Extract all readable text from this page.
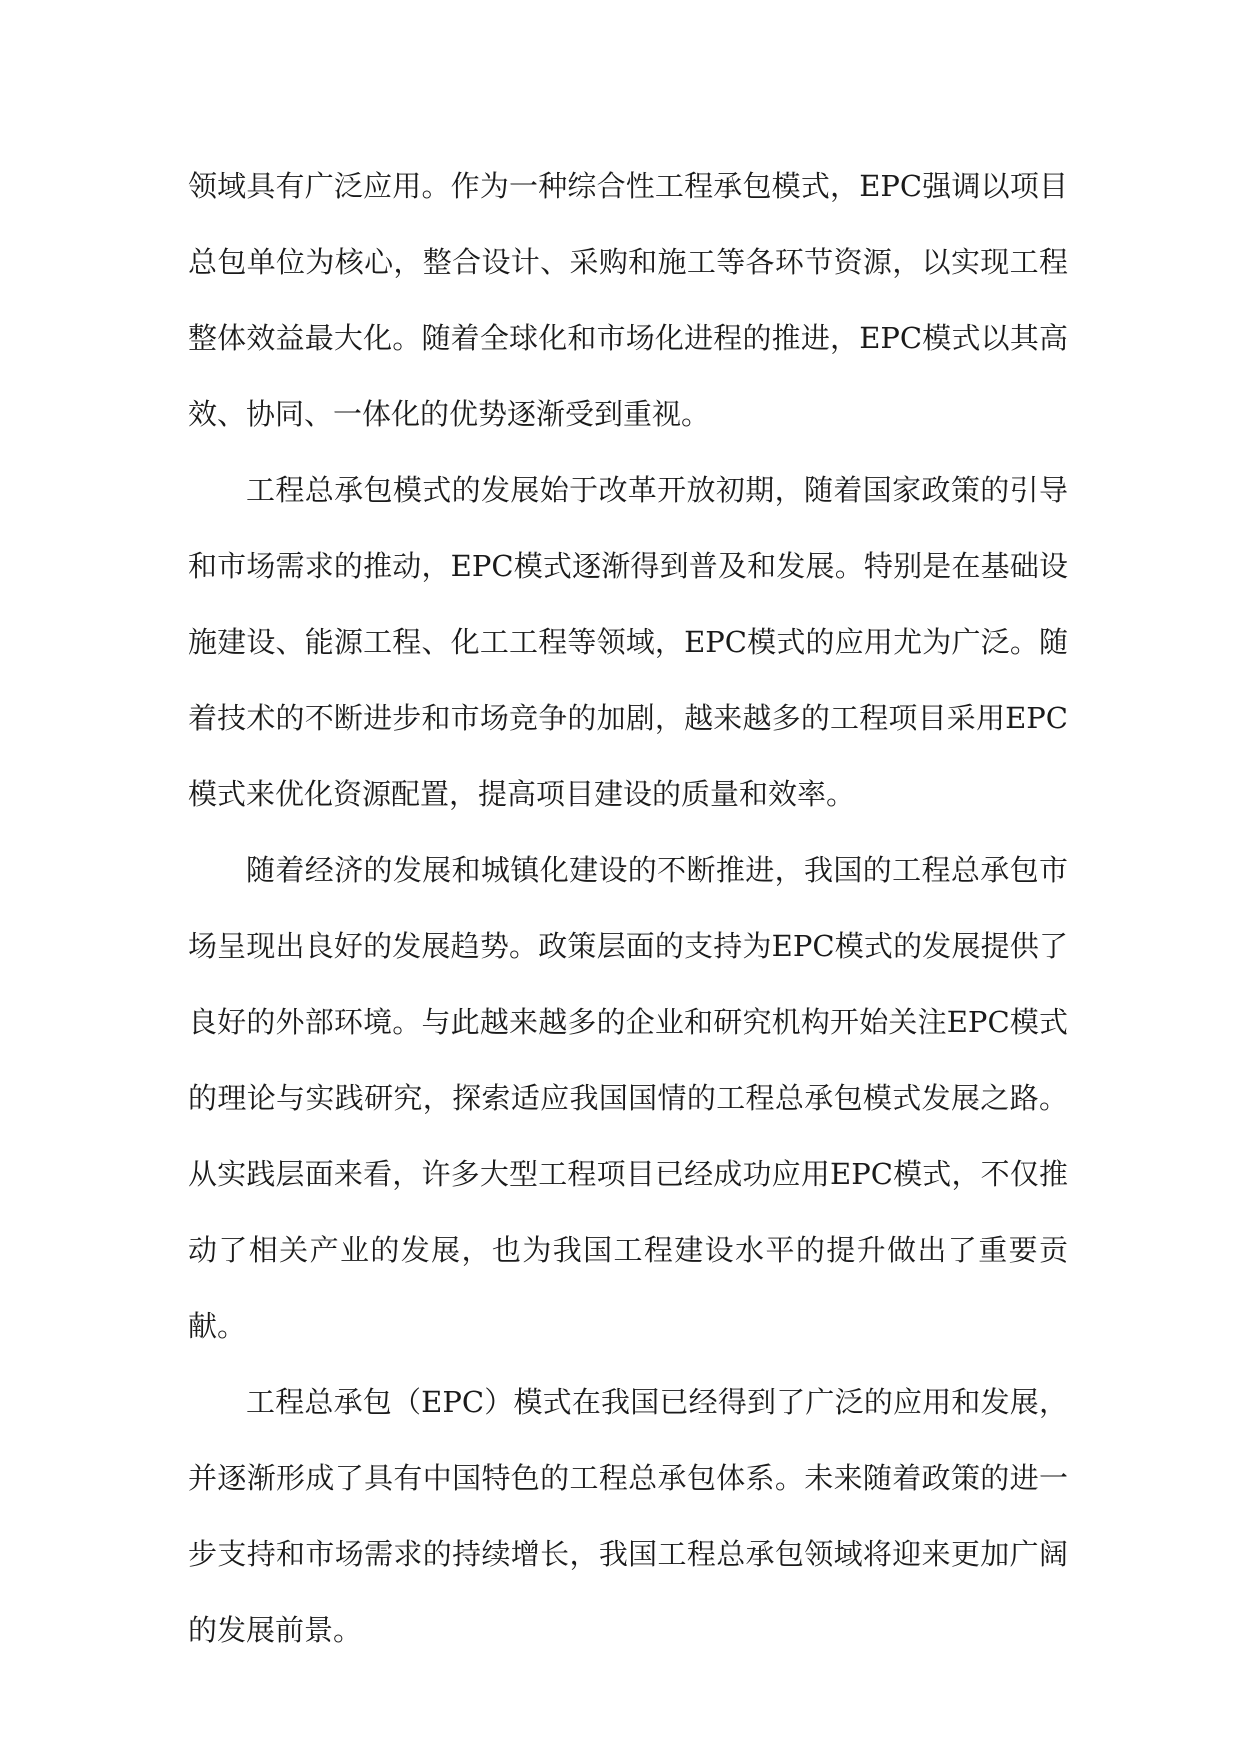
领域具有广泛应用。作为一种综合性工程承包模式，EPC强调以项目总包单位为核心，整合设计、采购和施工等各环节资源，以实现工程整体效益最大化。随着全球化和市场化进程的推进，EPC模式以其高效、协同、一体化的优势逐渐受到重视。

工程总承包模式的发展始于改革开放初期，随着国家政策的引导和市场需求的推动，EPC模式逐渐得到普及和发展。特别是在基础设施建设、能源工程、化工工程等领域，EPC模式的应用尤为广泛。随着技术的不断进步和市场竞争的加剧，越来越多的工程项目采用EPC模式来优化资源配置，提高项目建设的质量和效率。

随着经济的发展和城镇化建设的不断推进，我国的工程总承包市场呈现出良好的发展趋势。政策层面的支持为EPC模式的发展提供了良好的外部环境。与此越来越多的企业和研究机构开始关注EPC模式的理论与实践研究，探索适应我国国情的工程总承包模式发展之路。从实践层面来看，许多大型工程项目已经成功应用EPC模式，不仅推动了相关产业的发展，也为我国工程建设水平的提升做出了重要贡献。

工程总承包（EPC）模式在我国已经得到了广泛的应用和发展，并逐渐形成了具有中国特色的工程总承包体系。未来随着政策的进一步支持和市场需求的持续增长，我国工程总承包领域将迎来更加广阔的发展前景。
